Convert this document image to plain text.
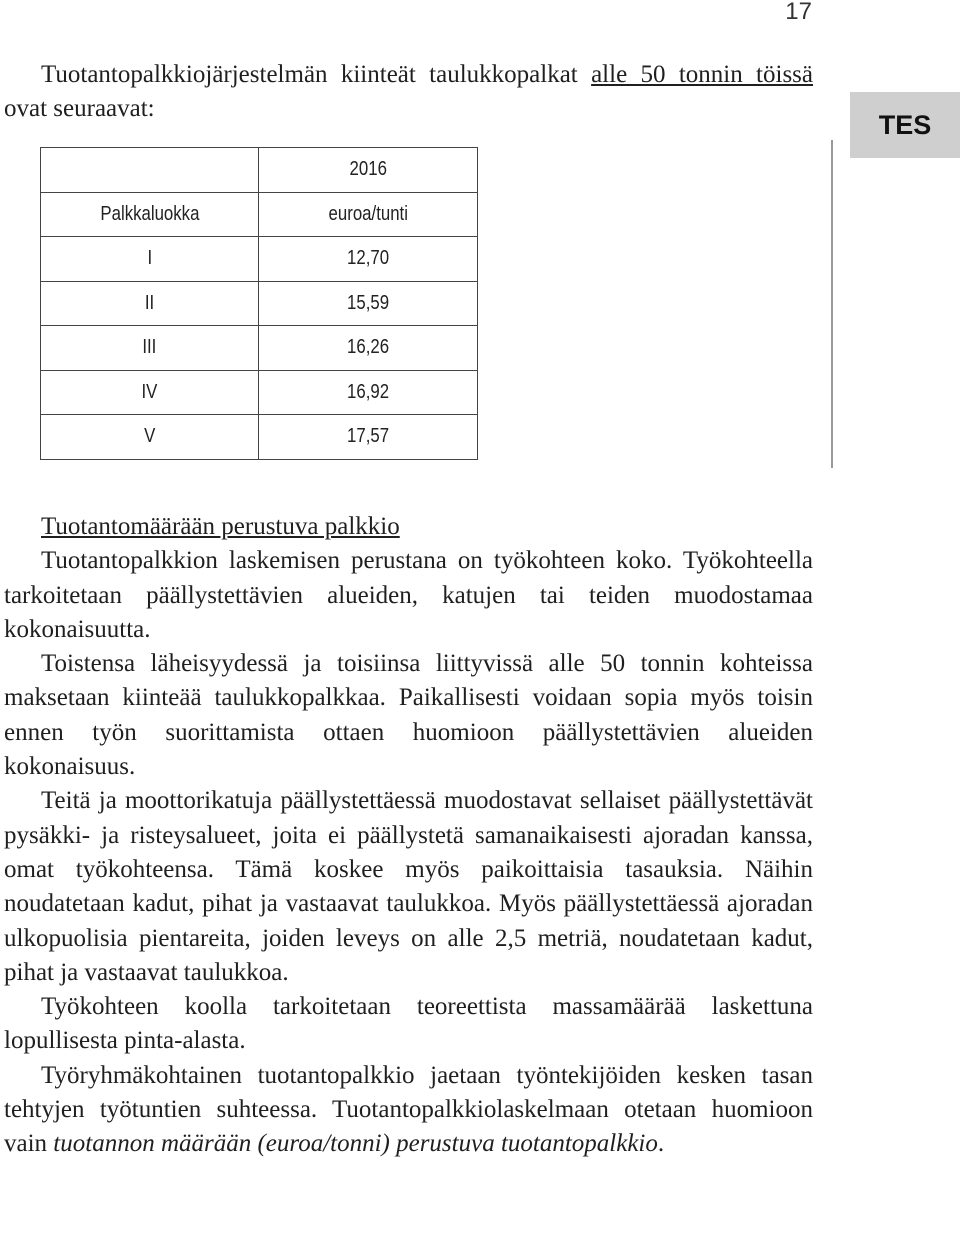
17
TES

Tuotantopalkkiojärjestelmän kiinteät taulukkopalkat alle 50 tonnin töissä ovat seuraavat:

	2016
Palkkaluokka	euroa/tunti
I	12,70
II	15,59
III	16,26
IV	16,92
V	17,57

Tuotantomäärään perustuva palkkio

Tuotantopalkkion laskemisen perustana on työkohteen koko. Työkohteella tarkoitetaan päällystettävien alueiden, katujen tai teiden muodostamaa kokonaisuutta.

Toistensa läheisyydessä ja toisiinsa liittyvissä alle 50 tonnin kohteissa maksetaan kiinteää taulukkopalkkaa. Paikallisesti voidaan sopia myös toisin ennen työn suorittamista ottaen huomioon päällystettävien alueiden kokonaisuus.

Teitä ja moottorikatuja päällystettäessä muodostavat sellaiset päällystettävät pysäkki- ja risteysalueet, joita ei päällystetä samanaikaisesti ajoradan kanssa, omat työkohteensa. Tämä koskee myös paikoittaisia tasauksia. Näihin noudatetaan kadut, pihat ja vastaavat taulukkoa. Myös päällystettäessä ajoradan ulkopuolisia pientareita, joiden leveys on alle 2,5 metriä, noudatetaan kadut, pihat ja vastaavat taulukkoa.

Työkohteen koolla tarkoitetaan teoreettista massamäärää laskettuna lopullisesta pinta-alasta.

Työryhmäkohtainen tuotantopalkkio jaetaan työntekijöiden kesken tasan tehtyjen työtuntien suhteessa. Tuotantopalkkiolaskelmaan otetaan huomioon vain tuotannon määrään (euroa/tonni) perustuva tuotantopalkkio.
